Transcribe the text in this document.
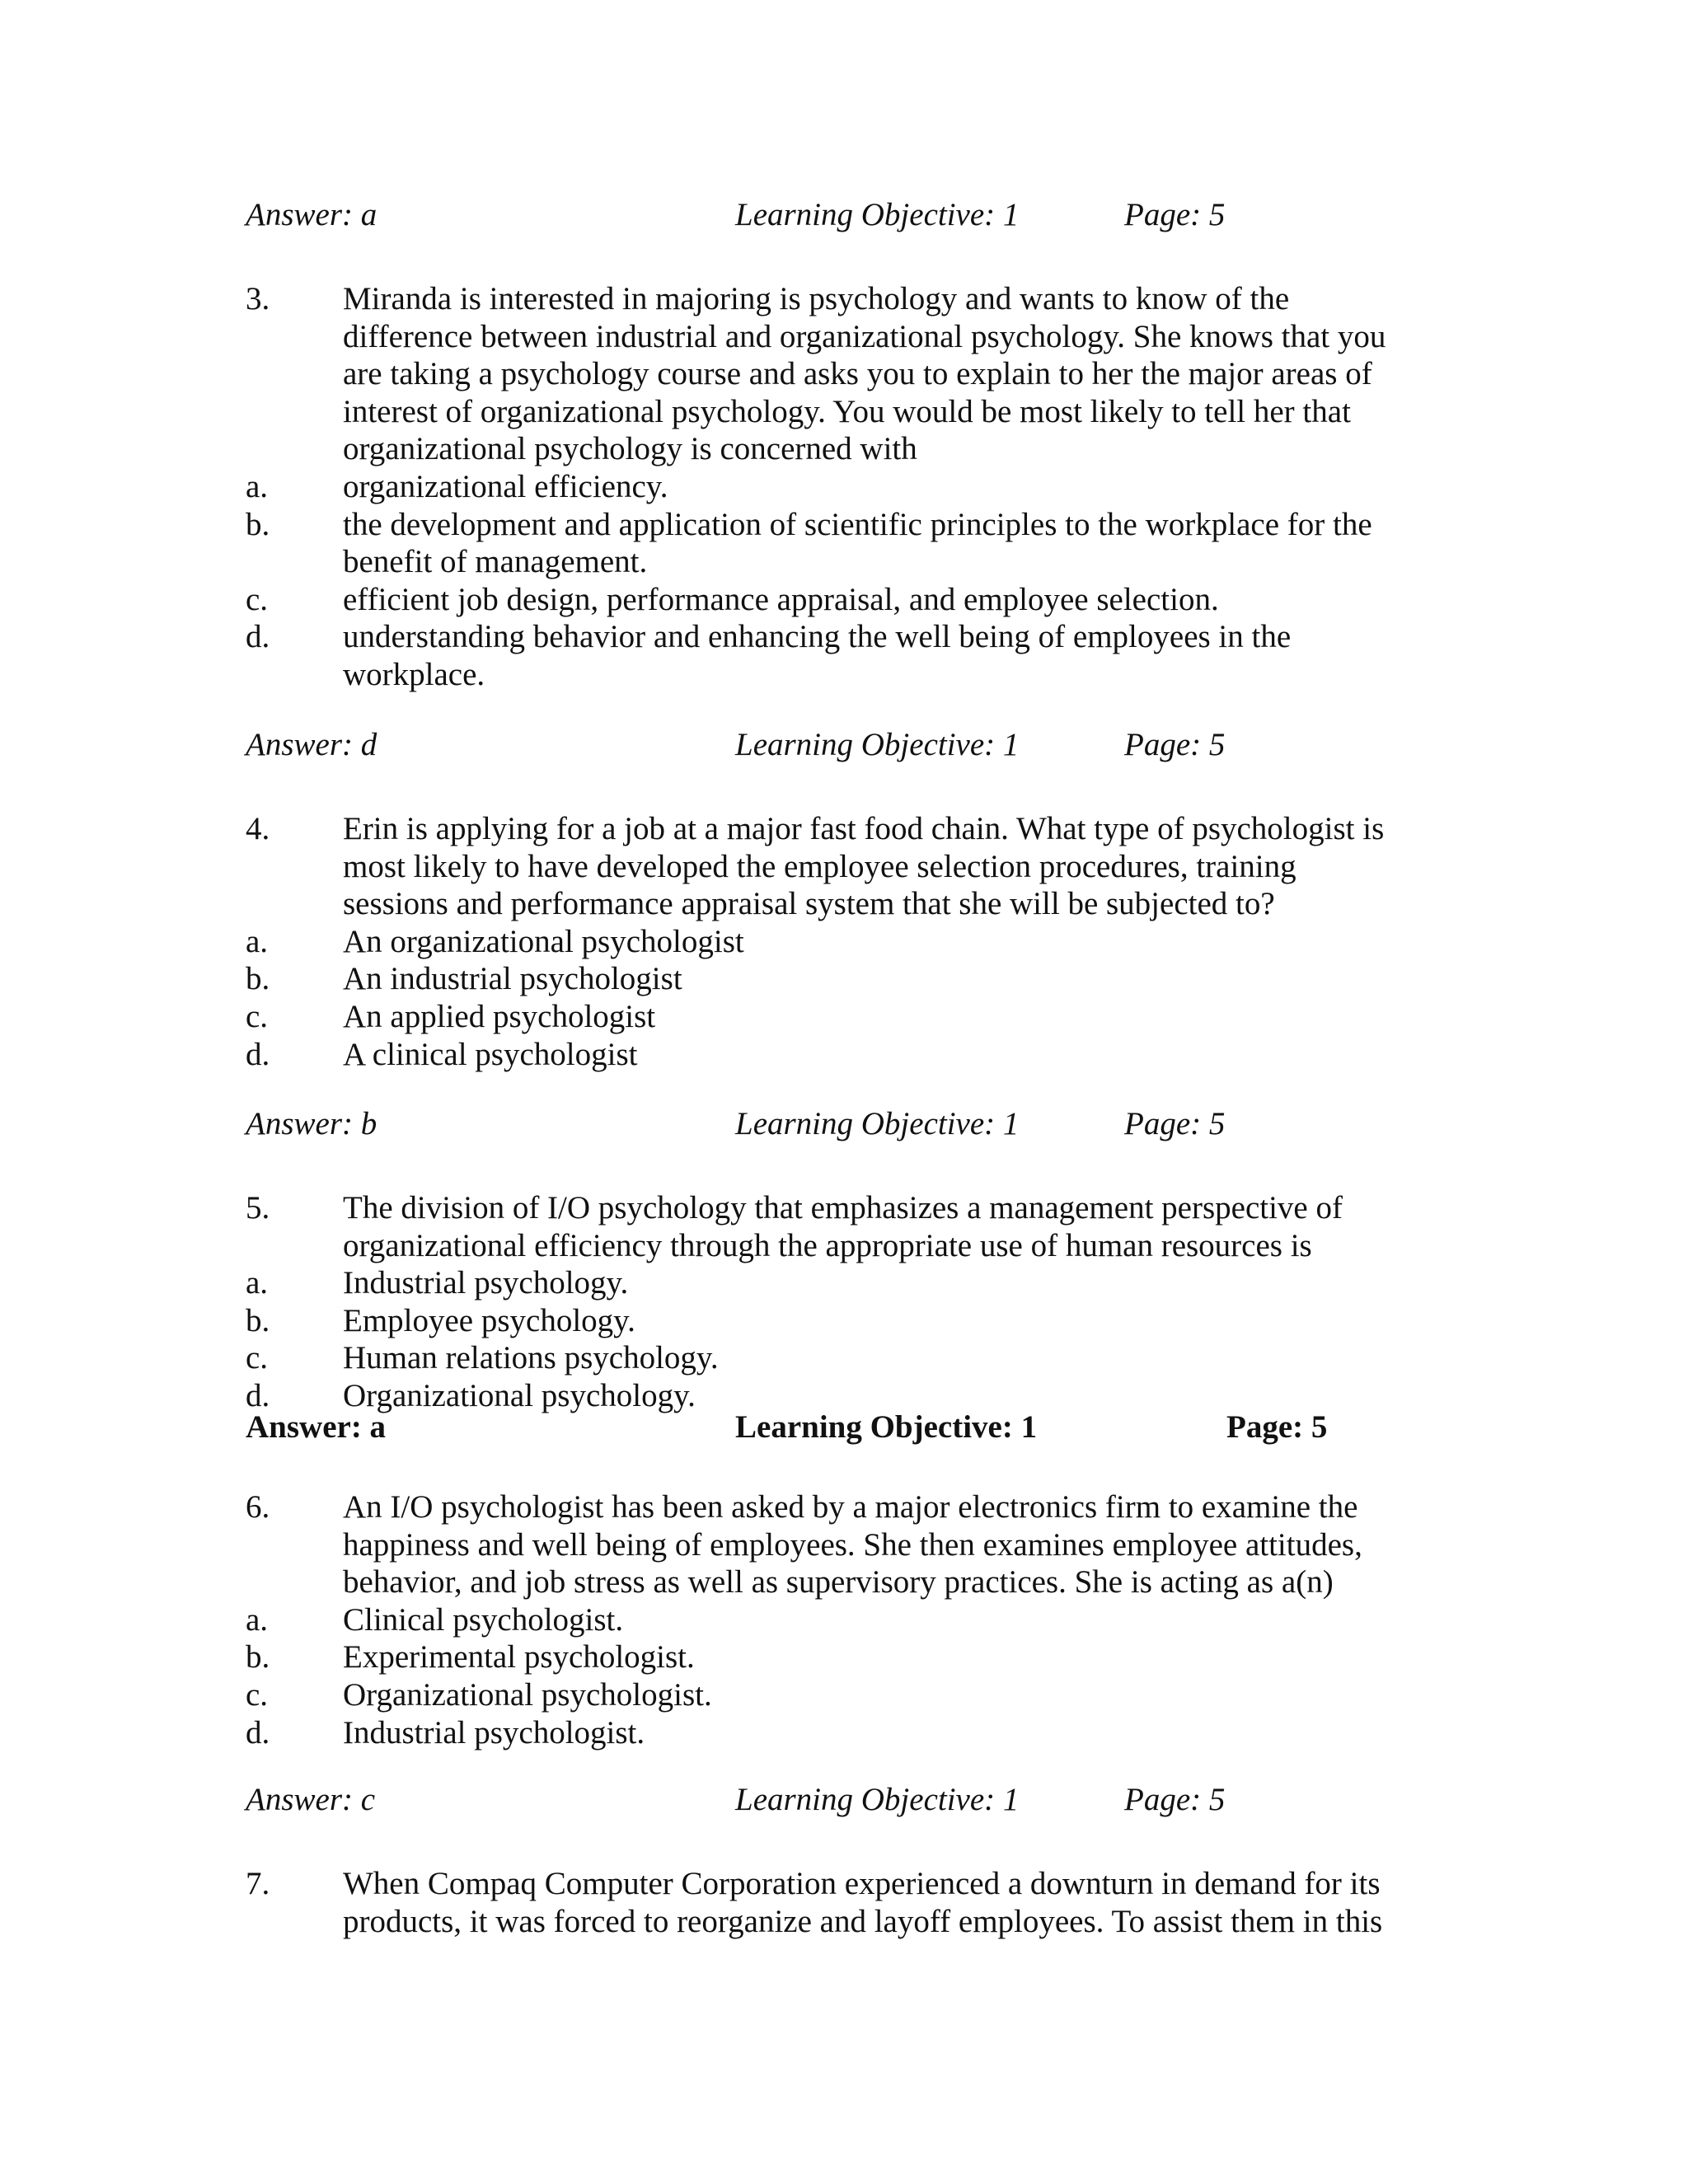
Answer: a	Learning Objective: 1	Page: 5
3.	Miranda is interested in majoring is psychology and wants to know of the
difference between industrial and organizational psychology. She knows that you
are taking a psychology course and asks you to explain to her the major areas of
interest of organizational psychology. You would be most likely to tell her that
organizational psychology is concerned with
a.	organizational efficiency.
b.	the development and application of scientific principles to the workplace for the
benefit of management.
c.	efficient job design, performance appraisal, and employee selection.
d.	understanding behavior and enhancing the well being of employees in the
workplace.
Answer: d	Learning Objective: 1	Page: 5
4.	Erin is applying for a job at a major fast food chain. What type of psychologist is
most likely to have developed the employee selection procedures, training
sessions and performance appraisal system that she will be subjected to?
a.	An organizational psychologist
b.	An industrial psychologist
c.	An applied psychologist
d.	A clinical psychologist
Answer: b	Learning Objective: 1	Page: 5
5.	The division of I/O psychology that emphasizes a management perspective of
organizational efficiency through the appropriate use of human resources is
a.	Industrial psychology.
b.	Employee psychology.
c.	Human relations psychology.
d.	Organizational psychology.
Answer: a	Learning Objective: 1	Page: 5
6.	An I/O psychologist has been asked by a major electronics firm to examine the
happiness and well being of employees. She then examines employee attitudes,
behavior, and job stress as well as supervisory practices. She is acting as a(n)
a.	Clinical psychologist.
b.	Experimental psychologist.
c.	Organizational psychologist.
d.	Industrial psychologist.
Answer: c	Learning Objective: 1	Page: 5
7.	When Compaq Computer Corporation experienced a downturn in demand for its
products, it was forced to reorganize and layoff employees. To assist them in this
